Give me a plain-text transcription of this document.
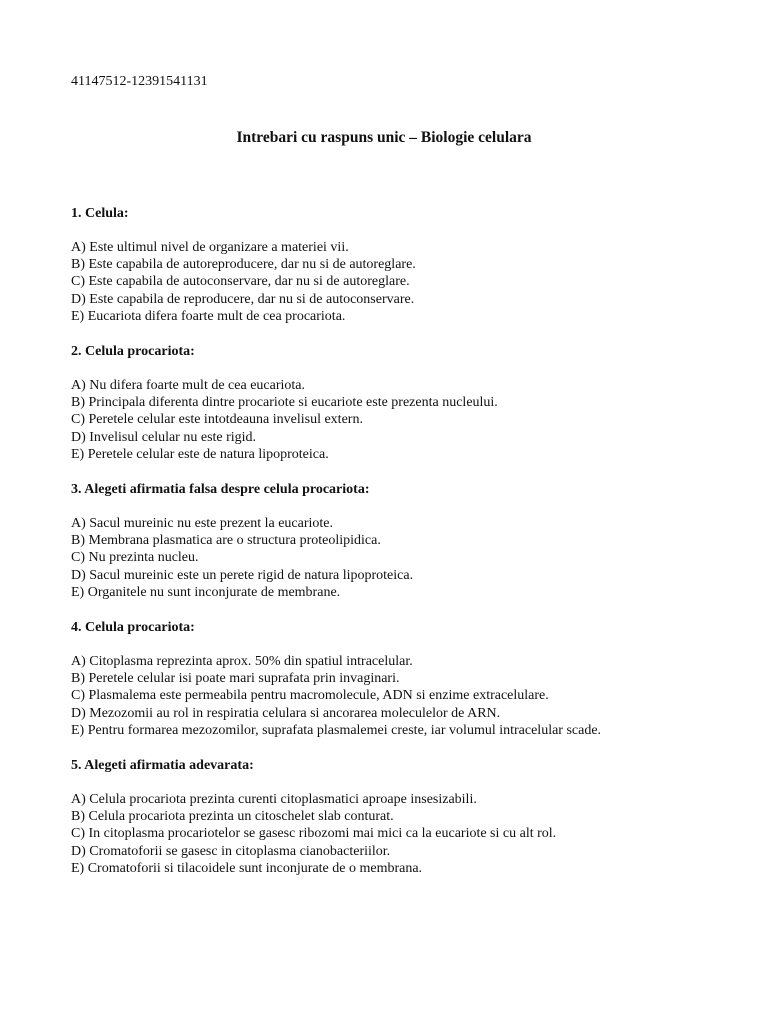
41147512-12391541131

Intrebari cu raspuns unic – Biologie celulara

1. Celula:

A) Este ultimul nivel de organizare a materiei vii.
B) Este capabila de autoreproducere, dar nu si de autoreglare.
C) Este capabila de autoconservare, dar nu si de autoreglare.
D) Este capabila de reproducere, dar nu si de autoconservare.
E) Eucariota difera foarte mult de cea procariota.

2. Celula procariota:

A) Nu difera foarte mult de cea eucariota.
B) Principala diferenta dintre procariote si eucariote este prezenta nucleului.
C) Peretele celular este intotdeauna invelisul extern.
D) Invelisul celular nu este rigid.
E) Peretele celular este de natura lipoproteica.

3. Alegeti afirmatia falsa despre celula procariota:

A) Sacul mureinic nu este prezent la eucariote.
B) Membrana plasmatica are o structura proteolipidica.
C) Nu prezinta nucleu.
D) Sacul mureinic este un perete rigid de natura lipoproteica.
E) Organitele nu sunt inconjurate de membrane.

4. Celula procariota:

A) Citoplasma reprezinta aprox. 50% din spatiul intracelular.
B) Peretele celular isi poate mari suprafata prin invaginari.
C) Plasmalema este permeabila pentru macromolecule, ADN si enzime extracelulare.
D) Mezozomii au rol in respiratia celulara si ancorarea moleculelor de ARN.
E) Pentru formarea mezozomilor, suprafata plasmalemei creste, iar volumul intracelular scade.

5. Alegeti afirmatia adevarata:

A) Celula procariota prezinta curenti citoplasmatici aproape insesizabili.
B) Celula procariota prezinta un citoschelet slab conturat.
C) In citoplasma procariotelor se gasesc ribozomi mai mici ca la eucariote si cu alt rol.
D) Cromatoforii se gasesc in citoplasma cianobacteriilor.
E) Cromatoforii si tilacoidele sunt inconjurate de o membrana.
